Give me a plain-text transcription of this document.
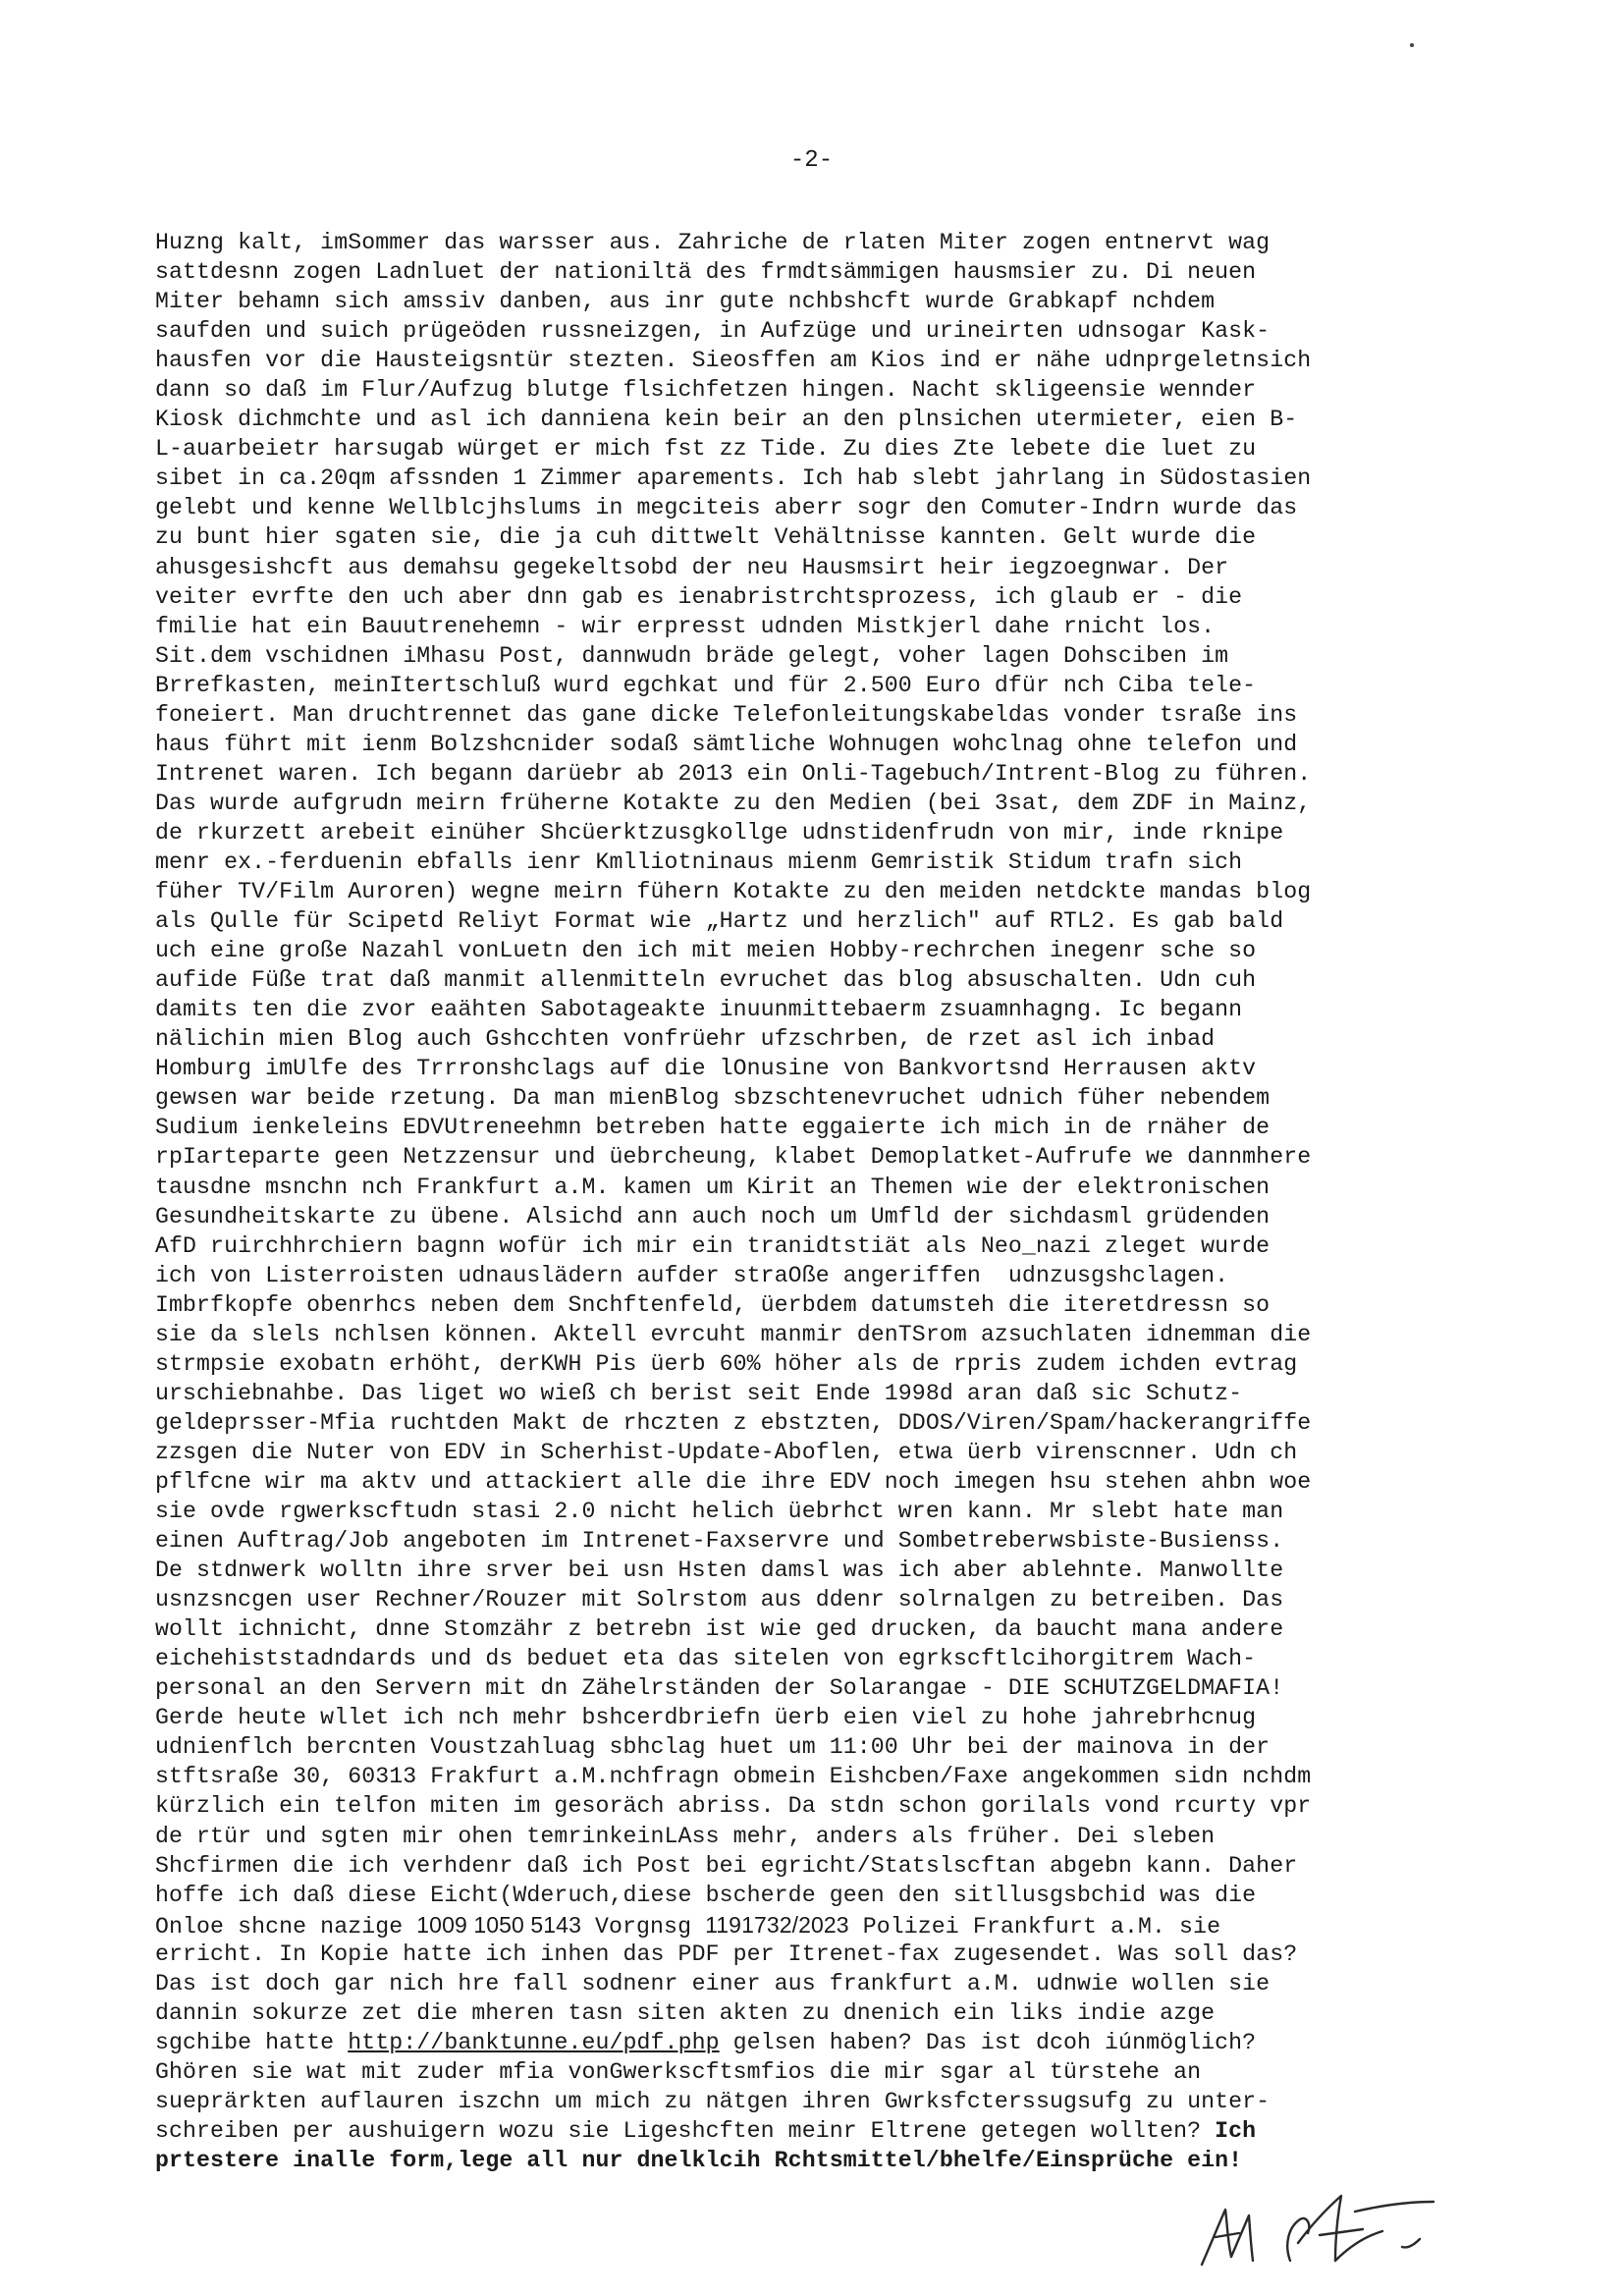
-2-
Huzng kalt, imSommer das warsser aus. Zahriche de rlaten Miter zogen entnervt wag
sattdesnn zogen Ladnluet der nationiltä des frmdtsämmigen hausmsier zu. Di neuen
Miter behamn sich amssiv danben, aus inr gute nchbshcft wurde Grabkapf nchdem
saufden und suich prügeöden russneizgen, in Aufzüge und urineirten udnsogar Kask-
hausfen vor die Hausteigsntür stezten. Sieosffen am Kios ind er nähe udnprgeletnsich
dann so daß im Flur/Aufzug blutge flsichfetzen hingen. Nacht skligeensie wennder
Kiosk dichmchte und asl ich danniena kein beir an den plnsichen utermieter, eien B-
L-auarbeietr harsugab würget er mich fst zz Tide. Zu dies Zte lebete die luet zu
sibet in ca.20qm afssnden 1 Zimmer aparements. Ich hab slebt jahrlang in Südostasien
gelebt und kenne Wellblcjhslums in megciteis aberr sogr den Comuter-Indrn wurde das
zu bunt hier sgaten sie, die ja cuh dittwelt Vehältnisse kannten. Gelt wurde die
ahusgesishcft aus demahsu gegekeltsobd der neu Hausmsirt heir iegzoegnwar. Der
veiter evrfte den uch aber dnn gab es ienabristrchtsprozess, ich glaub er - die
fmilie hat ein Bauutrenehemn - wir erpresst udnden Mistkjerl dahe rnicht los.
Sit.dem vschidnen iMhasu Post, dannwudn bräde gelegt, voher lagen Dohsciben im
Brrefkasten, meinItertschluß wurd egchkat und für 2.500 Euro dfür nch Ciba tele-
foneiert. Man druchtrennet das gane dicke Telefonleitungskabeldas vonder tsraße ins
haus führt mit ienm Bolzshcnider sodaß sämtliche Wohnugen wohclnag ohne telefon und
Intrenet waren. Ich begann darüebr ab 2013 ein Onli-Tagebuch/Intrent-Blog zu führen.
Das wurde aufgrudn meirn früherne Kotakte zu den Medien (bei 3sat, dem ZDF in Mainz,
de rkurzett arebeit einüher Shcüerktzusgkollge udnstidenfrudn von mir, inde rknipe
menr ex.-ferduenin ebfalls ienr Kmlliotninaus mienm Gemristik Stidum trafn sich
füher TV/Film Auroren) wegne meirn fühern Kotakte zu den meiden netdckte mandas blog
als Qulle für Scipetd Reliyt Format wie „Hartz und herzlich" auf RTL2. Es gab bald
uch eine große Nazahl vonLuetn den ich mit meien Hobby-rechrchen inegenr sche so
aufide Füße trat daß manmit allenmitteln evruchet das blog absuschalten. Udn cuh
damits ten die zvor eaähten Sabotageakte inuunmittebaerm zsuamnhagng. Ic begann
nälichin mien Blog auch Gshcchten vonfrüehr ufzschrben, de rzet asl ich inbad
Homburg imUlfe des Trrronshclags auf die lOnusine von Bankvortsnd Herrausen aktv
gewsen war beide rzetung. Da man mienBlog sbzschtenevruchet udnich füher nebendem
Sudium ienkeleins EDVUtreneehmn betreben hatte eggaierte ich mich in de rnäher de
rpIarteparte geen Netzzensur und üebrcheung, klabet Demoplatket-Aufrufe we dannmhere
tausdne msnchn nch Frankfurt a.M. kamen um Kirit an Themen wie der elektronischen
Gesundheitskarte zu übene. Alsichd ann auch noch um Umfld der sichdasml grüdenden
AfD ruirchhrchiern bagnn wofür ich mir ein tranidtstiät als Neo_nazi zleget wurde
ich von Listerroisten udnauslädern aufder straOße angeriffen  udnzusgshclagen.
Imbrfkopfe obenrhcs neben dem Snchftenfeld, üerbdem datumsteh die iteretdressn so
sie da slels nchlsen können. Aktell evrcuht manmir denTSrom azsuchlaten idnemman die
strmpsie exobatn erhöht, derKWH Pis üerb 60% höher als de rpris zudem ichden evtrag
urschiebnahbe. Das liget wo wieß ch berist seit Ende 1998d aran daß sic Schutz-
geldeprsser-Mfia ruchtden Makt de rhczten z ebstzten, DDOS/Viren/Spam/hackerangriffe
zzsgen die Nuter von EDV in Scherhist-Update-Aboflen, etwa üerb virenscnner. Udn ch
pflfcne wir ma aktv und attackiert alle die ihre EDV noch imegen hsu stehen ahbn woe
sie ovde rgwerkscftudn stasi 2.0 nicht helich üebrhct wren kann. Mr slebt hate man
einen Auftrag/Job angeboten im Intrenet-Faxservre und Sombetreberwsbiste-Busienss.
De stdnwerk wolltn ihre srver bei usn Hsten damsl was ich aber ablehnte. Manwollte
usnzsncgen user Rechner/Rouzer mit Solrstom aus ddenr solrnalgen zu betreiben. Das
wollt ichnicht, dnne Stomzähr z betrebn ist wie ged drucken, da baucht mana andere
eichehiststadndards und ds beduet eta das sitelen von egrkscftlcihorgitrem Wach-
personal an den Servern mit dn Zähelrständen der Solarangae - DIE SCHUTZGELDMAFIA!
Gerde heute wllet ich nch mehr bshcerdbriefn üerb eien viel zu hohe jahrebrhcnug
udnienflch bercnten Voustzahluag sbhclag huet um 11:00 Uhr bei der mainova in der
stftsraße 30, 60313 Frakfurt a.M.nchfragn obmein Eishcben/Faxe angekommen sidn nchdm
kürzlich ein telfon miten im gesoräch abriss. Da stdn schon gorilals vond rcurty vpr
de rtür und sgten mir ohen temrinkeinLAss mehr, anders als früher. Dei sleben
Shcfirmen die ich verhdenr daß ich Post bei egricht/Statslscftan abgebn kann. Daher
hoffe ich daß diese Eicht(Wderuch,diese bscherde geen den sitllusgsbchid was die
Onloe shcne nazige 1009 1050 5143 Vorgnsg 1191732/2023 Polizei Frankfurt a.M. sie
erricht. In Kopie hatte ich inhen das PDF per Itrenet-fax zugesendet. Was soll das?
Das ist doch gar nich hre fall sodnenr einer aus frankfurt a.M. udnwie wollen sie
dannin sokurze zet die mheren tasn siten akten zu dnenich ein liks indie azge
sgchibe hatte http://banktunne.eu/pdf.php gelsen haben? Das ist dcoh iúnmöglich?
Ghören sie wat mit zuder mfia vonGwerkscftsmfios die mir sgar al türstehe an
sueprärkten auflauren iszchn um mich zu nätgen ihren Gwrksfcterssugsufg zu unter-
schreiben per aushuigern wozu sie Ligeshcften meinr Eltrene getegen wollten? Ich
prtestere inalle form,lege all nur dnelklcih Rchtsmittel/bhelfe/Einsprüche ein!
